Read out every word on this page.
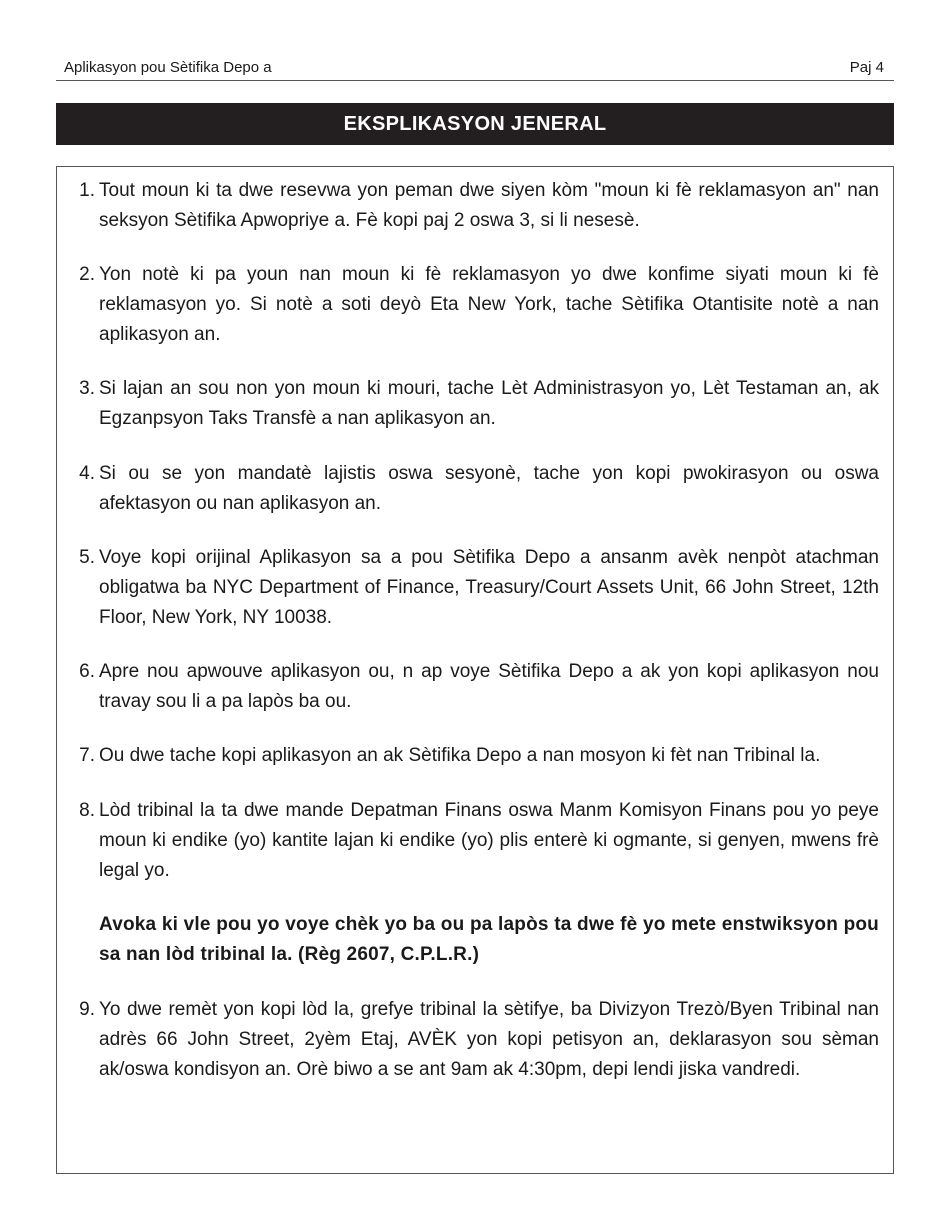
Aplikasyon pou Sètifika Depo a	Paj 4
EKSPLIKASYON JENERAL
1. Tout moun ki ta dwe resevwa yon peman dwe siyen kòm "moun ki fè reklamasyon an" nan seksyon Sètifika Apwopriye a. Fè kopi paj 2 oswa 3, si li nesesè.
2. Yon notè ki pa youn nan moun ki fè reklamasyon yo dwe konfime siyati moun ki fè reklamasyon yo. Si notè a soti deyò Eta New York, tache Sètifika Otantisite notè a nan aplikasyon an.
3. Si lajan an sou non yon moun ki mouri, tache Lèt Administrasyon yo, Lèt Testaman an, ak Egzanpsyon Taks Transfè a nan aplikasyon an.
4. Si ou se yon mandatè lajistis oswa sesyonè, tache yon kopi pwokirasyon ou oswa afektasyon ou nan aplikasyon an.
5. Voye kopi orijinal Aplikasyon sa a pou Sètifika Depo a ansanm avèk nenpòt atachman obligatwa ba NYC Department of Finance, Treasury/Court Assets Unit, 66 John Street, 12th Floor, New York, NY 10038.
6. Apre nou apwouve aplikasyon ou, n ap voye Sètifika Depo a ak yon kopi aplikasyon nou travay sou li a pa lapòs ba ou.
7. Ou dwe tache kopi aplikasyon an ak Sètifika Depo a nan mosyon ki fèt nan Tribinal la.
8. Lòd tribinal la ta dwe mande Depatman Finans oswa Manm Komisyon Finans pou yo peye moun ki endike (yo) kantite lajan ki endike (yo) plis enterè ki ogmante, si genyen, mwens frè legal yo.
Avoka ki vle pou yo voye chèk yo ba ou pa lapòs ta dwe fè yo mete enstwiksyon pou sa nan lòd tribinal la. (Règ 2607, C.P.L.R.)
9. Yo dwe remèt yon kopi lòd la, grefye tribinal la sètifye, ba Divizyon Trezò/Byen Tribinal nan adrès 66 John Street, 2yèm Etaj, AVÈK yon kopi petisyon an, deklarasyon sou sèman ak/oswa kondisyon an. Orè biwo a se ant 9am ak 4:30pm, depi lendi jiska vandredi.
